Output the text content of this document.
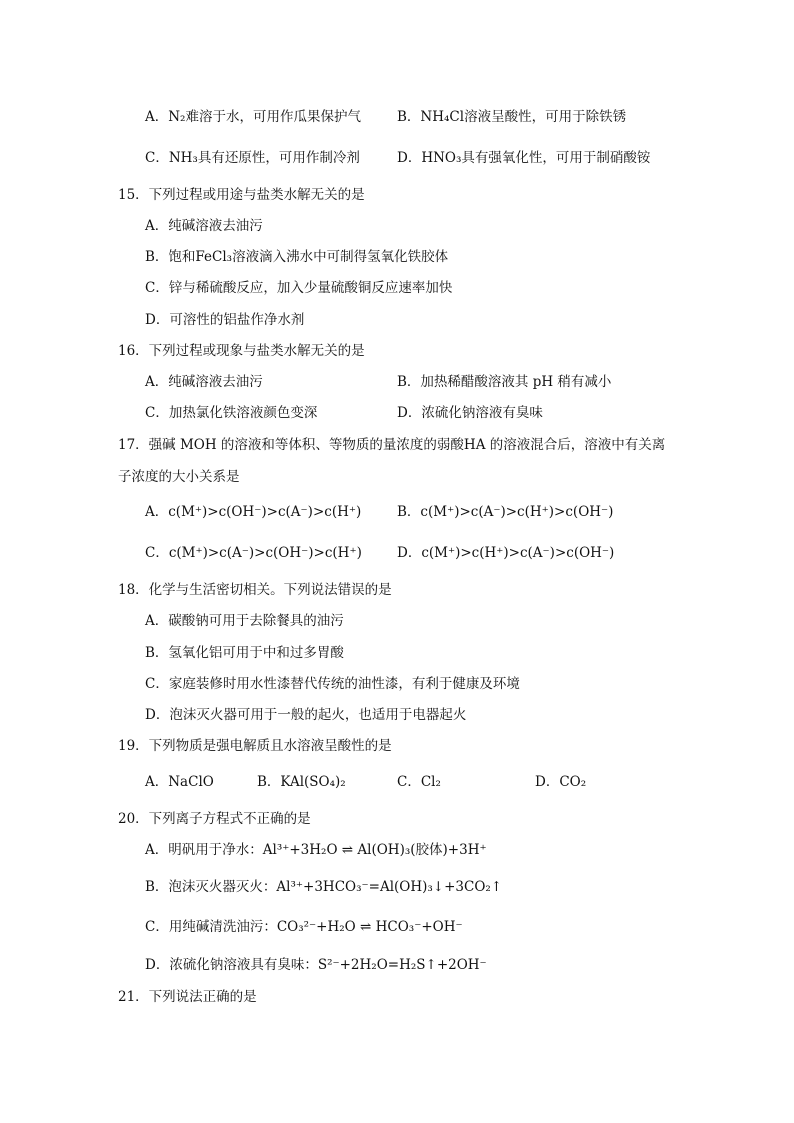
A．N₂难溶于水，可用作瓜果保护气	B．NH₄Cl溶液呈酸性，可用于除铁锈
C．NH₃具有还原性，可用作制冷剂	D．HNO₃具有强氧化性，可用于制硝酸铵
15．下列过程或用途与盐类水解无关的是
A．纯碱溶液去油污
B．饱和FeCl₃溶液滴入沸水中可制得氢氧化铁胶体
C．锌与稀硫酸反应，加入少量硫酸铜反应速率加快
D．可溶性的铝盐作净水剂
16．下列过程或现象与盐类水解无关的是
A．纯碱溶液去油污	B．加热稀醋酸溶液其 pH 稍有减小
C．加热氯化铁溶液颜色变深	D．浓硫化钠溶液有臭味
17．强碱 MOH 的溶液和等体积、等物质的量浓度的弱酸HA 的溶液混合后，溶液中有关离
子浓度的大小关系是
A．c(M⁺)>c(OH⁻)>c(A⁻)>c(H⁺)	B．c(M⁺)>c(A⁻)>c(H⁺)>c(OH⁻)
C．c(M⁺)>c(A⁻)>c(OH⁻)>c(H⁺)	D．c(M⁺)>c(H⁺)>c(A⁻)>c(OH⁻)
18．化学与生活密切相关。下列说法错误的是
A．碳酸钠可用于去除餐具的油污
B．氢氧化铝可用于中和过多胃酸
C．家庭装修时用水性漆替代传统的油性漆，有利于健康及环境
D．泡沫灭火器可用于一般的起火，也适用于电器起火
19．下列物质是强电解质且水溶液呈酸性的是
A．NaClO	B．KAl(SO₄)₂	C．Cl₂	D．CO₂
20．下列离子方程式不正确的是
A．明矾用于净水：Al³⁺+3H₂O ⇌ Al(OH)₃(胶体)+3H⁺
B．泡沫灭火器灭火：Al³⁺+3HCO₃⁻=Al(OH)₃↓+3CO₂↑
C．用纯碱清洗油污：CO₃²⁻+H₂O ⇌ HCO₃⁻+OH⁻
D．浓硫化钠溶液具有臭味：S²⁻+2H₂O=H₂S↑+2OH⁻
21．下列说法正确的是
